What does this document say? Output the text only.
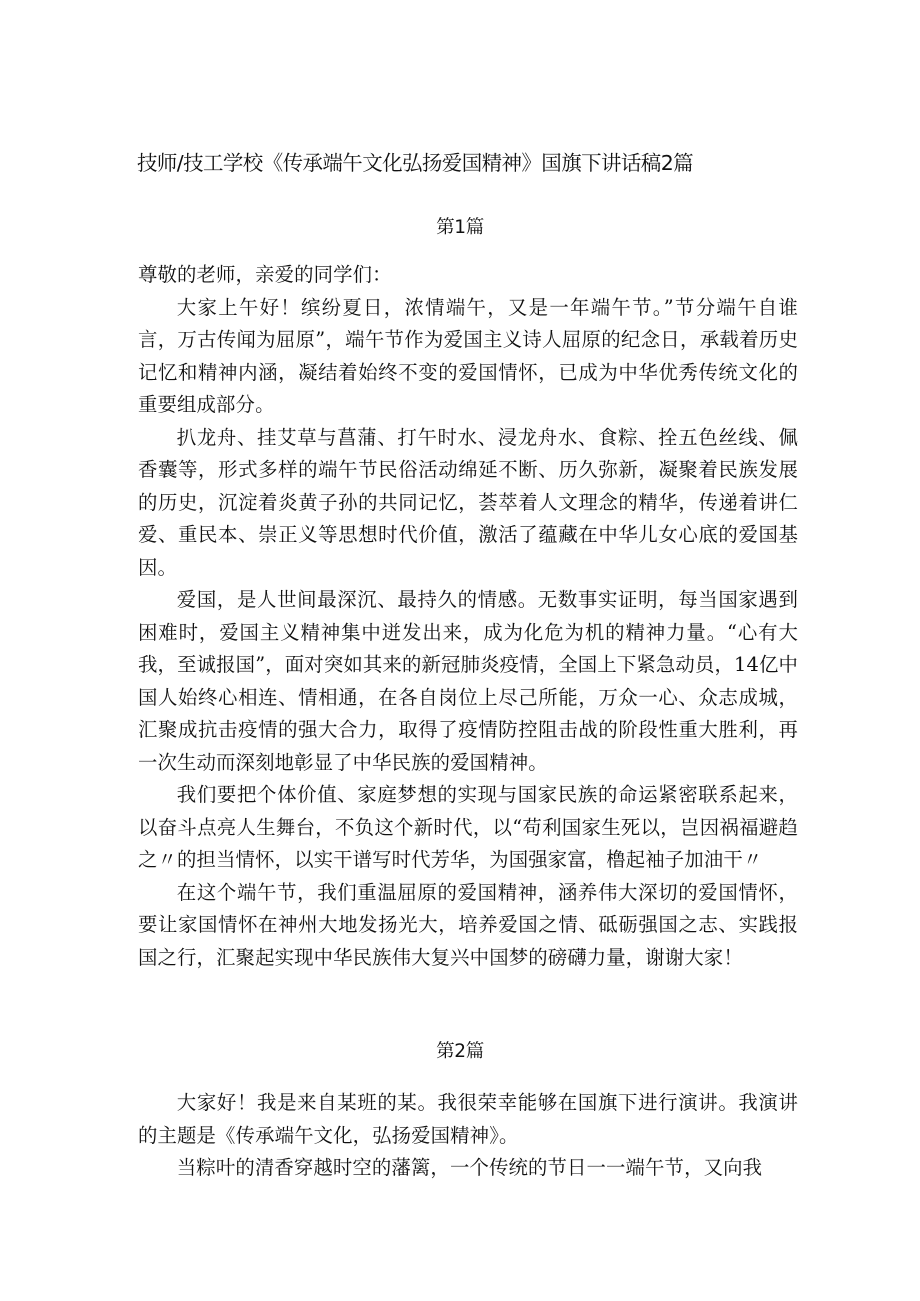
技师/技工学校《传承端午文化弘扬爱国精神》国旗下讲话稿2篇
第1篇

尊敬的老师，亲爱的同学们：

大家上午好！缤纷夏日，浓情端午，又是一年端午节。”节分端午自谁言，万古传闻为屈原”，端午节作为爱国主义诗人屈原的纪念日，承载着历史记忆和精神内涵，凝结着始终不变的爱国情怀，已成为中华优秀传统文化的重要组成部分。

扒龙舟、挂艾草与菖蒲、打午时水、浸龙舟水、食粽、拴五色丝线、佩香囊等，形式多样的端午节民俗活动绵延不断、历久弥新，凝聚着民族发展的历史，沉淀着炎黄子孙的共同记忆，荟萃着人文理念的精华，传递着讲仁爱、重民本、崇正义等思想时代价值，激活了蕴藏在中华儿女心底的爱国基因。

爱国，是人世间最深沉、最持久的情感。无数事实证明，每当国家遇到困难时，爱国主义精神集中迸发出来，成为化危为机的精神力量。“心有大我，至诚报国”，面对突如其来的新冠肺炎疫情，全国上下紧急动员，14亿中国人始终心相连、情相通，在各自岗位上尽己所能，万众一心、众志成城，汇聚成抗击疫情的强大合力，取得了疫情防控阻击战的阶段性重大胜利，再一次生动而深刻地彰显了中华民族的爱国精神。

我们要把个体价值、家庭梦想的实现与国家民族的命运紧密联系起来，以奋斗点亮人生舞台，不负这个新时代，以“苟利国家生死以，岂因祸福避趋之〃的担当情怀，以实干谱写时代芳华，为国强家富，橹起袖子加油干〃

在这个端午节，我们重温屈原的爱国精神，涵养伟大深切的爱国情怀，要让家国情怀在神州大地发扬光大，培养爱国之情、砥砺强国之志、实践报国之行，汇聚起实现中华民族伟大复兴中国梦的磅礴力量，谢谢大家！

第2篇

大家好！我是来自某班的某。我很荣幸能够在国旗下进行演讲。我演讲的主题是《传承端午文化，弘扬爱国精神》。

当粽叶的清香穿越时空的藩篱，一个传统的节日一一端午节，又向我
